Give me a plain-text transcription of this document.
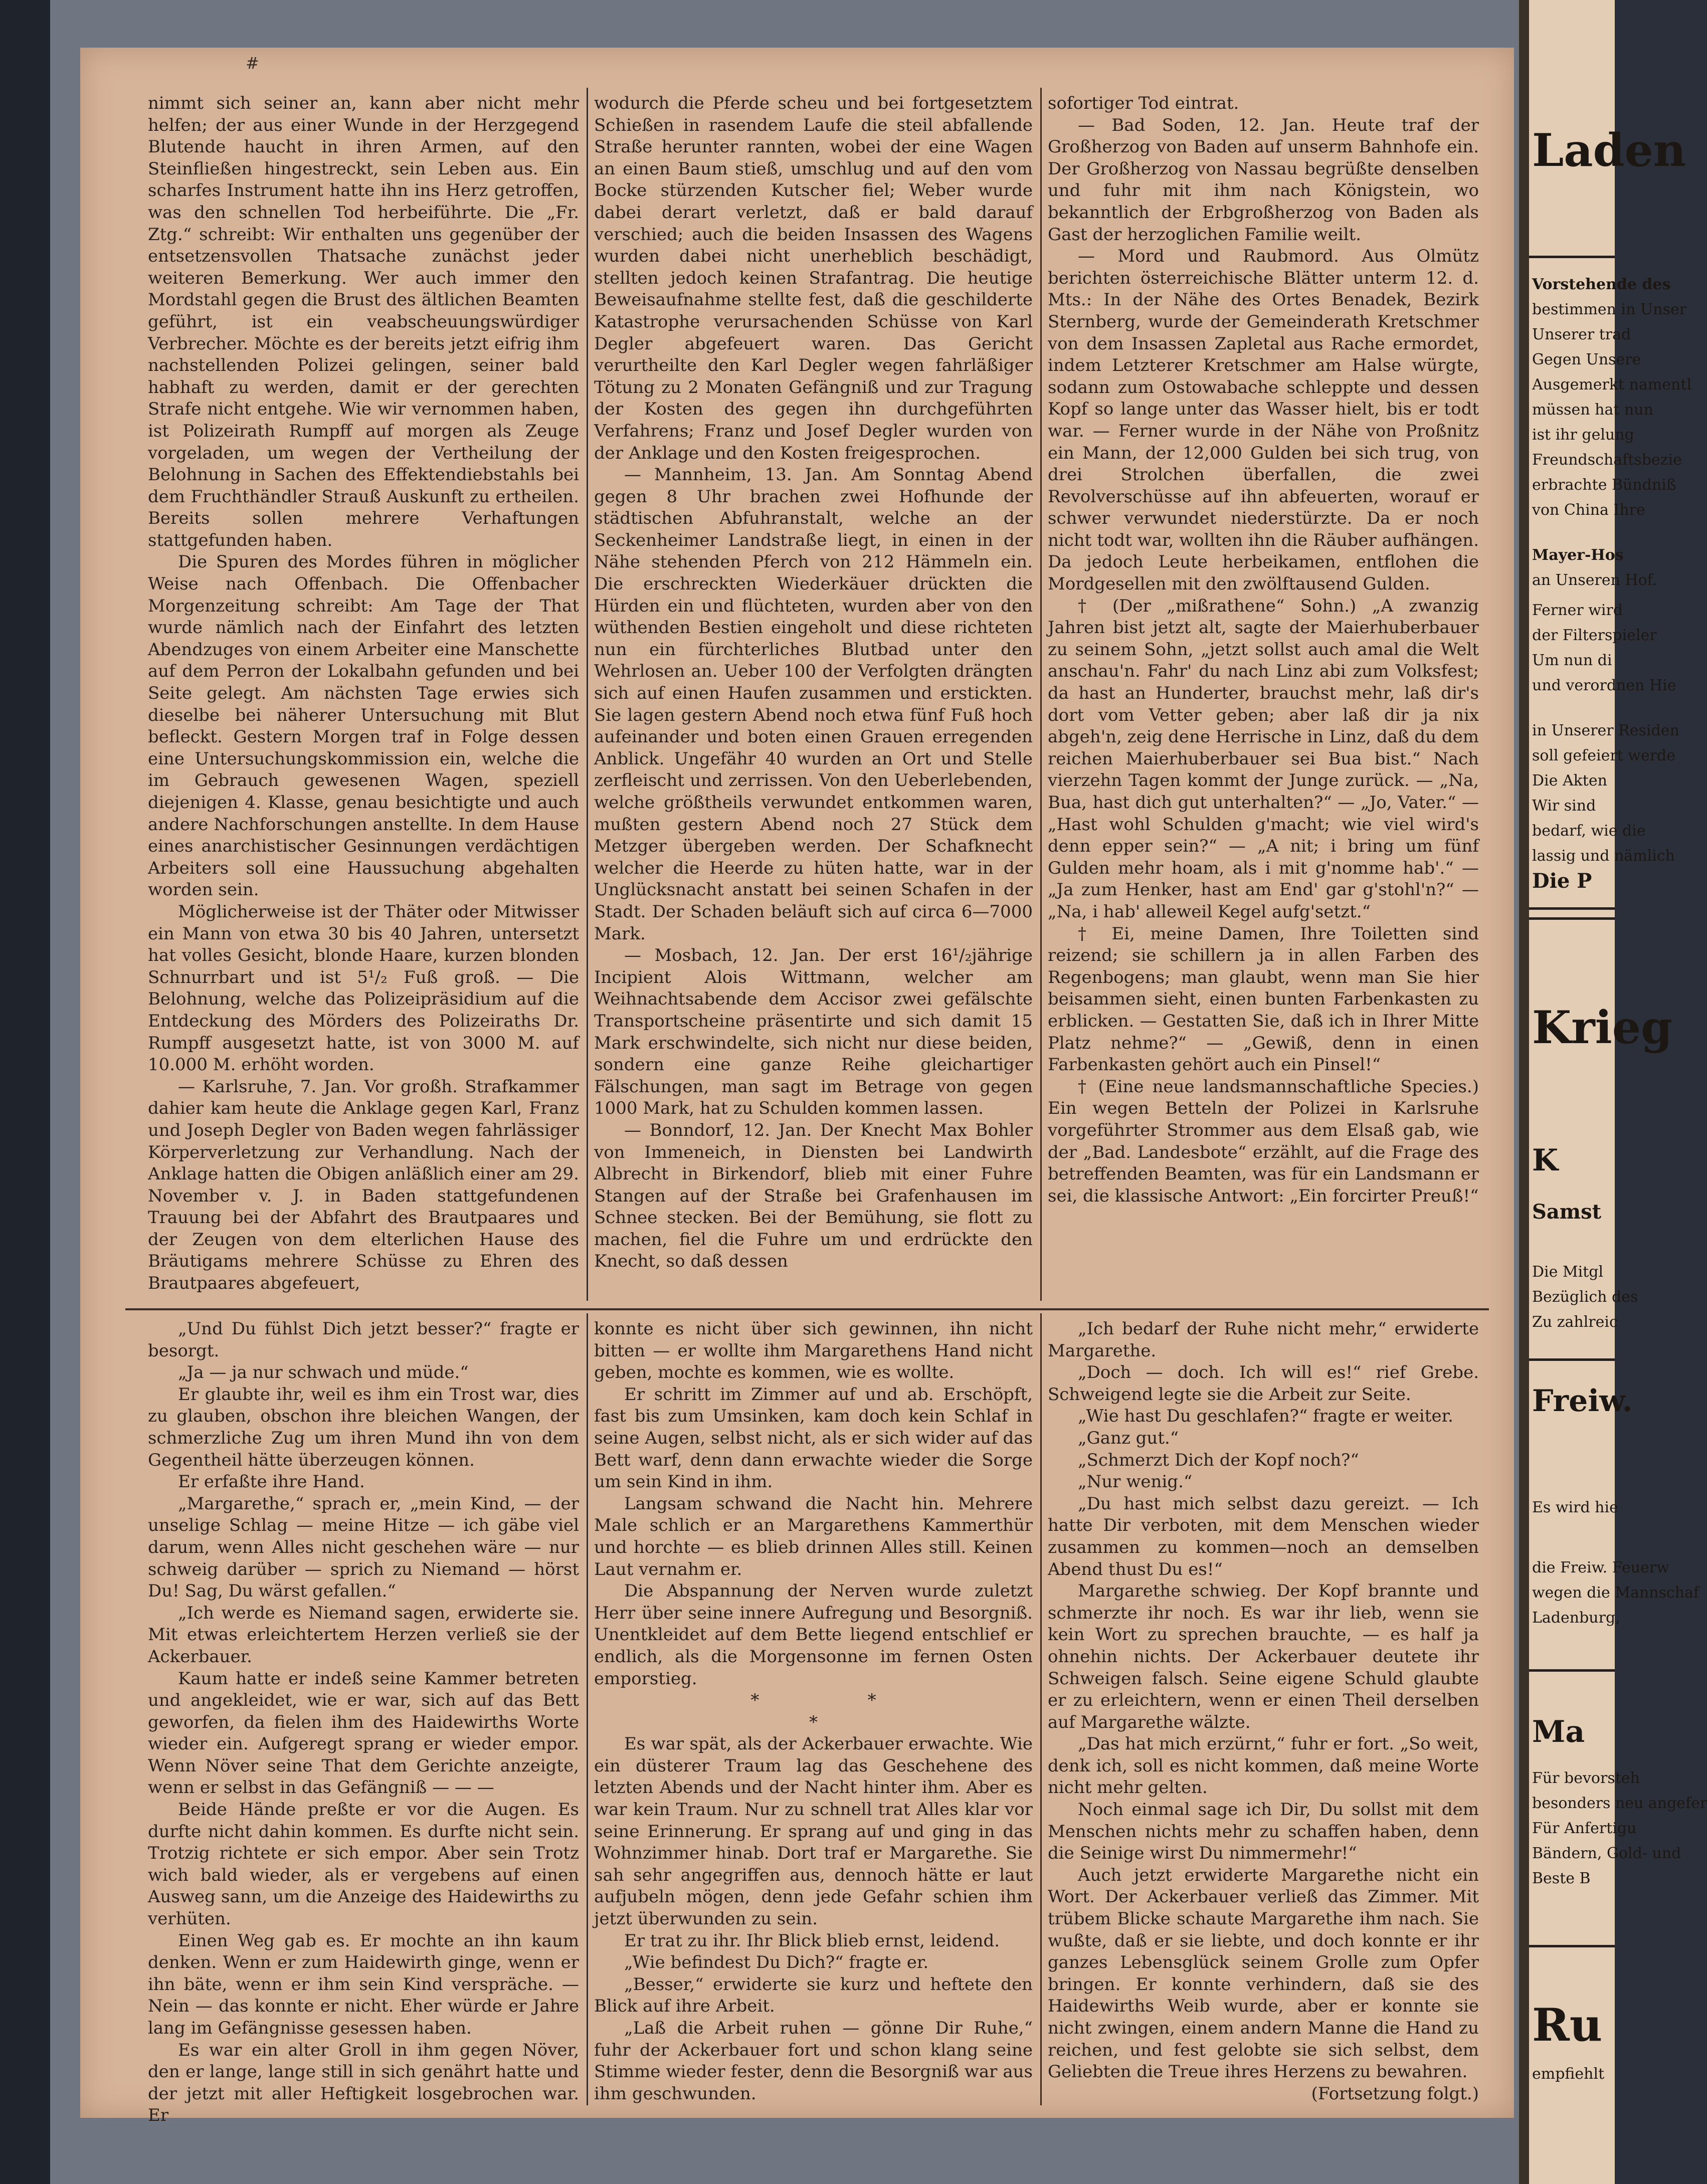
#

nimmt sich seiner an, kann aber nicht mehr helfen; der aus einer Wunde in der Herzgegend Blutende haucht in ihren Armen, auf den Steinfließen hingestreckt, sein Leben aus. Ein scharfes Instrument hatte ihn ins Herz getroffen, was den schnellen Tod herbeiführte. Die „Fr. Ztg.“ schreibt: Wir enthalten uns gegenüber der entsetzensvollen Thatsache zunächst jeder weiteren Bemerkung. Wer auch immer den Mordstahl gegen die Brust des ältlichen Beamten geführt, ist ein veabscheuungswürdiger Verbrecher. Möchte es der bereits jetzt eifrig ihm nachstellenden Polizei gelingen, seiner bald habhaft zu werden, damit er der gerechten Strafe nicht entgehe. Wie wir vernommen haben, ist Polizeirath Rumpff auf morgen als Zeuge vorgeladen, um wegen der Vertheilung der Belohnung in Sachen des Effektendiebstahls bei dem Fruchthändler Strauß Auskunft zu ertheilen. Bereits sollen mehrere Verhaftungen stattgefunden haben.

Die Spuren des Mordes führen in möglicher Weise nach Offenbach. Die Offenbacher Morgenzeitung schreibt: Am Tage der That wurde nämlich nach der Einfahrt des letzten Abendzuges von einem Arbeiter eine Manschette auf dem Perron der Lokalbahn gefunden und bei Seite gelegt. Am nächsten Tage erwies sich dieselbe bei näherer Untersuchung mit Blut befleckt. Gestern Morgen traf in Folge dessen eine Untersuchungskommission ein, welche die im Gebrauch gewesenen Wagen, speziell diejenigen 4. Klasse, genau besichtigte und auch andere Nachforschungen anstellte. In dem Hause eines anarchistischer Gesinnungen verdächtigen Arbeiters soll eine Haussuchung abgehalten worden sein.

Möglicherweise ist der Thäter oder Mitwisser ein Mann von etwa 30 bis 40 Jahren, untersetzt hat volles Gesicht, blonde Haare, kurzen blonden Schnurrbart und ist 5¹/₂ Fuß groß. — Die Belohnung, welche das Polizeipräsidium auf die Entdeckung des Mörders des Polizeiraths Dr. Rumpff ausgesetzt hatte, ist von 3000 M. auf 10.000 M. erhöht worden.

— Karlsruhe, 7. Jan. Vor großh. Strafkammer dahier kam heute die Anklage gegen Karl, Franz und Joseph Degler von Baden wegen fahrlässiger Körperverletzung zur Verhandlung. Nach der Anklage hatten die Obigen anläßlich einer am 29. November v. J. in Baden stattgefundenen Trauung bei der Abfahrt des Brautpaares und der Zeugen von dem elterlichen Hause des Bräutigams mehrere Schüsse zu Ehren des Brautpaares abgefeuert,

wodurch die Pferde scheu und bei fortgesetztem Schießen in rasendem Laufe die steil abfallende Straße herunter rannten, wobei der eine Wagen an einen Baum stieß, umschlug und auf den vom Bocke stürzenden Kutscher fiel; Weber wurde dabei derart verletzt, daß er bald darauf verschied; auch die beiden Insassen des Wagens wurden dabei nicht unerheblich beschädigt, stellten jedoch keinen Strafantrag. Die heutige Beweisaufnahme stellte fest, daß die geschilderte Katastrophe verursachenden Schüsse von Karl Degler abgefeuert waren. Das Gericht verurtheilte den Karl Degler wegen fahrläßiger Tötung zu 2 Monaten Gefängniß und zur Tragung der Kosten des gegen ihn durchgeführten Verfahrens; Franz und Josef Degler wurden von der Anklage und den Kosten freigesprochen.

— Mannheim, 13. Jan. Am Sonntag Abend gegen 8 Uhr brachen zwei Hofhunde der städtischen Abfuhranstalt, welche an der Seckenheimer Landstraße liegt, in einen in der Nähe stehenden Pferch von 212 Hämmeln ein. Die erschreckten Wiederkäuer drückten die Hürden ein und flüchteten, wurden aber von den wüthenden Bestien eingeholt und diese richteten nun ein fürchterliches Blutbad unter den Wehrlosen an. Ueber 100 der Verfolgten drängten sich auf einen Haufen zusammen und erstickten. Sie lagen gestern Abend noch etwa fünf Fuß hoch aufeinander und boten einen Grauen erregenden Anblick. Ungefähr 40 wurden an Ort und Stelle zerfleischt und zerrissen. Von den Ueberlebenden, welche größtheils verwundet entkommen waren, mußten gestern Abend noch 27 Stück dem Metzger übergeben werden. Der Schafknecht welcher die Heerde zu hüten hatte, war in der Unglücksnacht anstatt bei seinen Schafen in der Stadt. Der Schaden beläuft sich auf circa 6—7000 Mark.

— Mosbach, 12. Jan. Der erst 16¹/₂jährige Incipient Alois Wittmann, welcher am Weihnachtsabende dem Accisor zwei gefälschte Transportscheine präsentirte und sich damit 15 Mark erschwindelte, sich nicht nur diese beiden, sondern eine ganze Reihe gleichartiger Fälschungen, man sagt im Betrage von gegen 1000 Mark, hat zu Schulden kommen lassen.

— Bonndorf, 12. Jan. Der Knecht Max Bohler von Immeneich, in Diensten bei Landwirth Albrecht in Birkendorf, blieb mit einer Fuhre Stangen auf der Straße bei Grafenhausen im Schnee stecken. Bei der Bemühung, sie flott zu machen, fiel die Fuhre um und erdrückte den Knecht, so daß dessen

sofortiger Tod eintrat.

— Bad Soden, 12. Jan. Heute traf der Großherzog von Baden auf unserm Bahnhofe ein. Der Großherzog von Nassau begrüßte denselben und fuhr mit ihm nach Königstein, wo bekanntlich der Erbgroßherzog von Baden als Gast der herzoglichen Familie weilt.

— Mord und Raubmord. Aus Olmütz berichten österreichische Blätter unterm 12. d. Mts.: In der Nähe des Ortes Benadek, Bezirk Sternberg, wurde der Gemeinderath Kretschmer von dem Insassen Zapletal aus Rache ermordet, indem Letzterer Kretschmer am Halse würgte, sodann zum Ostowabache schleppte und dessen Kopf so lange unter das Wasser hielt, bis er todt war. — Ferner wurde in der Nähe von Proßnitz ein Mann, der 12,000 Gulden bei sich trug, von drei Strolchen überfallen, die zwei Revolverschüsse auf ihn abfeuerten, worauf er schwer verwundet niederstürzte. Da er noch nicht todt war, wollten ihn die Räuber aufhängen. Da jedoch Leute herbeikamen, entflohen die Mordgesellen mit den zwölftausend Gulden.

† (Der „mißrathene“ Sohn.) „A zwanzig Jahren bist jetzt alt, sagte der Maierhuberbauer zu seinem Sohn, „jetzt sollst auch amal die Welt anschau'n. Fahr' du nach Linz abi zum Volksfest; da hast an Hunderter, brauchst mehr, laß dir's dort vom Vetter geben; aber laß dir ja nix abgeh'n, zeig dene Herrische in Linz, daß du dem reichen Maierhuberbauer sei Bua bist.“ Nach vierzehn Tagen kommt der Junge zurück. — „Na, Bua, hast dich gut unterhalten?“ — „Jo, Vater.“ — „Hast wohl Schulden g'macht; wie viel wird's denn epper sein?“ — „A nit; i bring um fünf Gulden mehr hoam, als i mit g'nomme hab'.“ — „Ja zum Henker, hast am End' gar g'stohl'n?“ — „Na, i hab' alleweil Kegel aufg'setzt.“

† Ei, meine Damen, Ihre Toiletten sind reizend; sie schillern ja in allen Farben des Regenbogens; man glaubt, wenn man Sie hier beisammen sieht, einen bunten Farbenkasten zu erblicken. — Gestatten Sie, daß ich in Ihrer Mitte Platz nehme?“ — „Gewiß, denn in einen Farbenkasten gehört auch ein Pinsel!“

† (Eine neue landsmannschaftliche Species.) Ein wegen Betteln der Polizei in Karlsruhe vorgeführter Strommer aus dem Elsaß gab, wie der „Bad. Landesbote“ erzählt, auf die Frage des betreffenden Beamten, was für ein Landsmann er sei, die klassische Antwort: „Ein forcirter Preuß!“

„Und Du fühlst Dich jetzt besser?“ fragte er besorgt.

„Ja — ja nur schwach und müde.“

Er glaubte ihr, weil es ihm ein Trost war, dies zu glauben, obschon ihre bleichen Wangen, der schmerzliche Zug um ihren Mund ihn von dem Gegentheil hätte überzeugen können.

Er erfaßte ihre Hand.

„Margarethe,“ sprach er, „mein Kind, — der unselige Schlag — meine Hitze — ich gäbe viel darum, wenn Alles nicht geschehen wäre — nur schweig darüber — sprich zu Niemand — hörst Du! Sag, Du wärst gefallen.“

„Ich werde es Niemand sagen, erwiderte sie. Mit etwas erleichtertem Herzen verließ sie der Ackerbauer.

Kaum hatte er indeß seine Kammer betreten und angekleidet, wie er war, sich auf das Bett geworfen, da fielen ihm des Haidewirths Worte wieder ein. Aufgeregt sprang er wieder empor. Wenn Növer seine That dem Gerichte anzeigte, wenn er selbst in das Gefängniß — — —

Beide Hände preßte er vor die Augen. Es durfte nicht dahin kommen. Es durfte nicht sein. Trotzig richtete er sich empor. Aber sein Trotz wich bald wieder, als er vergebens auf einen Ausweg sann, um die Anzeige des Haidewirths zu verhüten.

Einen Weg gab es. Er mochte an ihn kaum denken. Wenn er zum Haidewirth ginge, wenn er ihn bäte, wenn er ihm sein Kind verspräche. — Nein — das konnte er nicht. Eher würde er Jahre lang im Gefängnisse gesessen haben.

Es war ein alter Groll in ihm gegen Növer, den er lange, lange still in sich genährt hatte und der jetzt mit aller Heftigkeit losgebrochen war. Er

konnte es nicht über sich gewinnen, ihn nicht bitten — er wollte ihm Margarethens Hand nicht geben, mochte es kommen, wie es wollte.

Er schritt im Zimmer auf und ab. Erschöpft, fast bis zum Umsinken, kam doch kein Schlaf in seine Augen, selbst nicht, als er sich wider auf das Bett warf, denn dann erwachte wieder die Sorge um sein Kind in ihm.

Langsam schwand die Nacht hin. Mehrere Male schlich er an Margarethens Kammerthür und horchte — es blieb drinnen Alles still. Keinen Laut vernahm er.

Die Abspannung der Nerven wurde zuletzt Herr über seine innere Aufregung und Besorgniß. Unentkleidet auf dem Bette liegend entschlief er endlich, als die Morgensonne im fernen Osten emporstieg.

*                    *
*

Es war spät, als der Ackerbauer erwachte. Wie ein düsterer Traum lag das Geschehene des letzten Abends und der Nacht hinter ihm. Aber es war kein Traum. Nur zu schnell trat Alles klar vor seine Erinnerung. Er sprang auf und ging in das Wohnzimmer hinab. Dort traf er Margarethe. Sie sah sehr angegriffen aus, dennoch hätte er laut aufjubeln mögen, denn jede Gefahr schien ihm jetzt überwunden zu sein.

Er trat zu ihr. Ihr Blick blieb ernst, leidend.

„Wie befindest Du Dich?“ fragte er.

„Besser,“ erwiderte sie kurz und heftete den Blick auf ihre Arbeit.

„Laß die Arbeit ruhen — gönne Dir Ruhe,“ fuhr der Ackerbauer fort und schon klang seine Stimme wieder fester, denn die Besorgniß war aus ihm geschwunden.

„Ich bedarf der Ruhe nicht mehr,“ erwiderte Margarethe.

„Doch — doch. Ich will es!“ rief Grebe. Schweigend legte sie die Arbeit zur Seite.

„Wie hast Du geschlafen?“ fragte er weiter.

„Ganz gut.“

„Schmerzt Dich der Kopf noch?“

„Nur wenig.“

„Du hast mich selbst dazu gereizt. — Ich hatte Dir verboten, mit dem Menschen wieder zusammen zu kommen—noch an demselben Abend thust Du es!“

Margarethe schwieg. Der Kopf brannte und schmerzte ihr noch. Es war ihr lieb, wenn sie kein Wort zu sprechen brauchte, — es half ja ohnehin nichts. Der Ackerbauer deutete ihr Schweigen falsch. Seine eigene Schuld glaubte er zu erleichtern, wenn er einen Theil derselben auf Margarethe wälzte.

„Das hat mich erzürnt,“ fuhr er fort. „So weit, denk ich, soll es nicht kommen, daß meine Worte nicht mehr gelten.

Noch einmal sage ich Dir, Du sollst mit dem Menschen nichts mehr zu schaffen haben, denn die Seinige wirst Du nimmermehr!“

Auch jetzt erwiderte Margarethe nicht ein Wort. Der Ackerbauer verließ das Zimmer. Mit trübem Blicke schaute Margarethe ihm nach. Sie wußte, daß er sie liebte, und doch konnte er ihr ganzes Lebensglück seinem Grolle zum Opfer bringen. Er konnte verhindern, daß sie des Haidewirths Weib wurde, aber er konnte sie nicht zwingen, einem andern Manne die Hand zu reichen, und fest gelobte sie sich selbst, dem Geliebten die Treue ihres Herzens zu bewahren.

(Fortsetzung folgt.)

Laden
Vorstehende des
bestimmen in Unser
Unserer trad
Gegen Unsere
Ausgemerkt namentl
müssen hat nun
ist ihr gelung
Freundschaftsbezie
erbrachte Bündniß
von China Ihre
Mayer-Hos
an Unseren Hof.
Ferner wird
der Filterspieler
Um nun di
und verordnen Hie
in Unserer Residen
soll gefeiert werde
Die Akten
Wir sind
bedarf, wie die
lassig und nämlich
Die P
Krieg
K
Samst
Die Mitgl
Bezüglich des
Zu zahlreic
Freiw.
Es wird hie
die Freiw. Feuerw
wegen die Mannschaf
Ladenburg,
Ma
Für bevorsteh
besonders neu angefer
Für Anfertigu
Bändern, Gold- und
Beste B
Ru
empfiehlt
